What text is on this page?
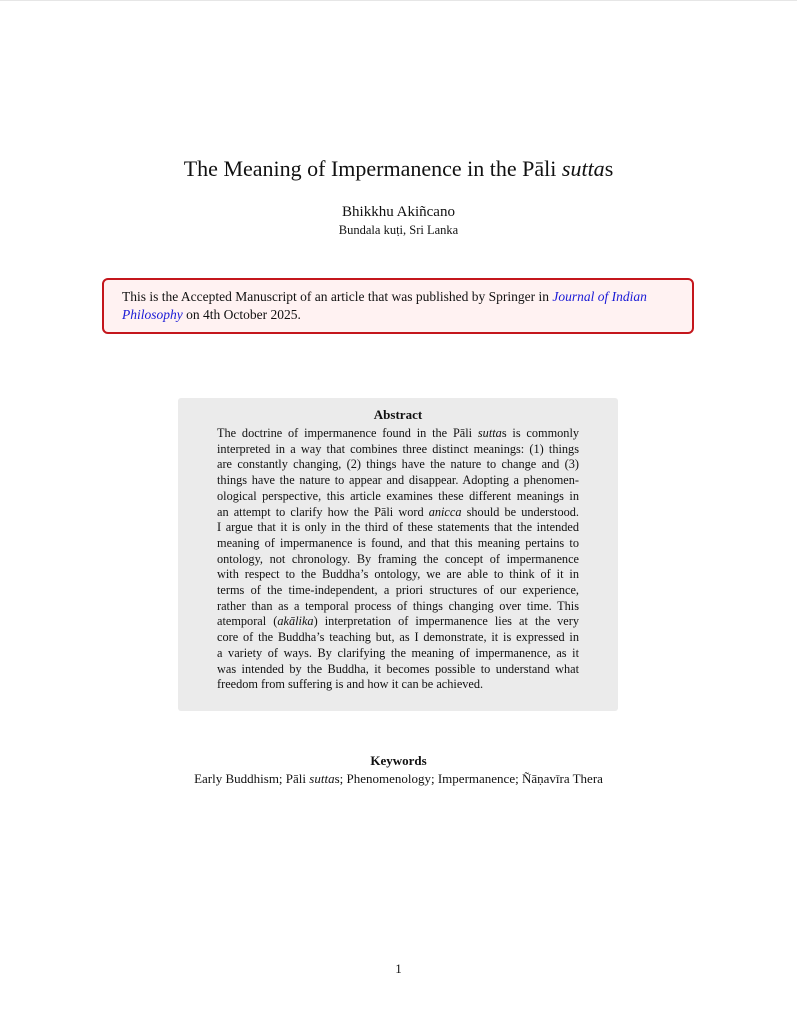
The Meaning of Impermanence in the Pāli suttas
Bhikkhu Akiñcano
Bundala kuṭi, Sri Lanka
This is the Accepted Manuscript of an article that was published by Springer in Journal of Indian
Philosophy on 4th October 2025.
Abstract
The doctrine of impermanence found in the Pāli suttas is commonly
interpreted in a way that combines three distinct meanings: (1) things
are constantly changing, (2) things have the nature to change and (3)
things have the nature to appear and disappear. Adopting a phenomen-
ological perspective, this article examines these different meanings in
an attempt to clarify how the Pāli word anicca should be understood.
I argue that it is only in the third of these statements that the intended
meaning of impermanence is found, and that this meaning pertains to
ontology, not chronology. By framing the concept of impermanence
with respect to the Buddha’s ontology, we are able to think of it in
terms of the time-independent, a priori structures of our experience,
rather than as a temporal process of things changing over time. This
atemporal (akālika) interpretation of impermanence lies at the very
core of the Buddha’s teaching but, as I demonstrate, it is expressed in
a variety of ways. By clarifying the meaning of impermanence, as it
was intended by the Buddha, it becomes possible to understand what
freedom from suffering is and how it can be achieved.
Keywords
Early Buddhism; Pāli suttas; Phenomenology; Impermanence; Ñāṇavīra Thera
1
